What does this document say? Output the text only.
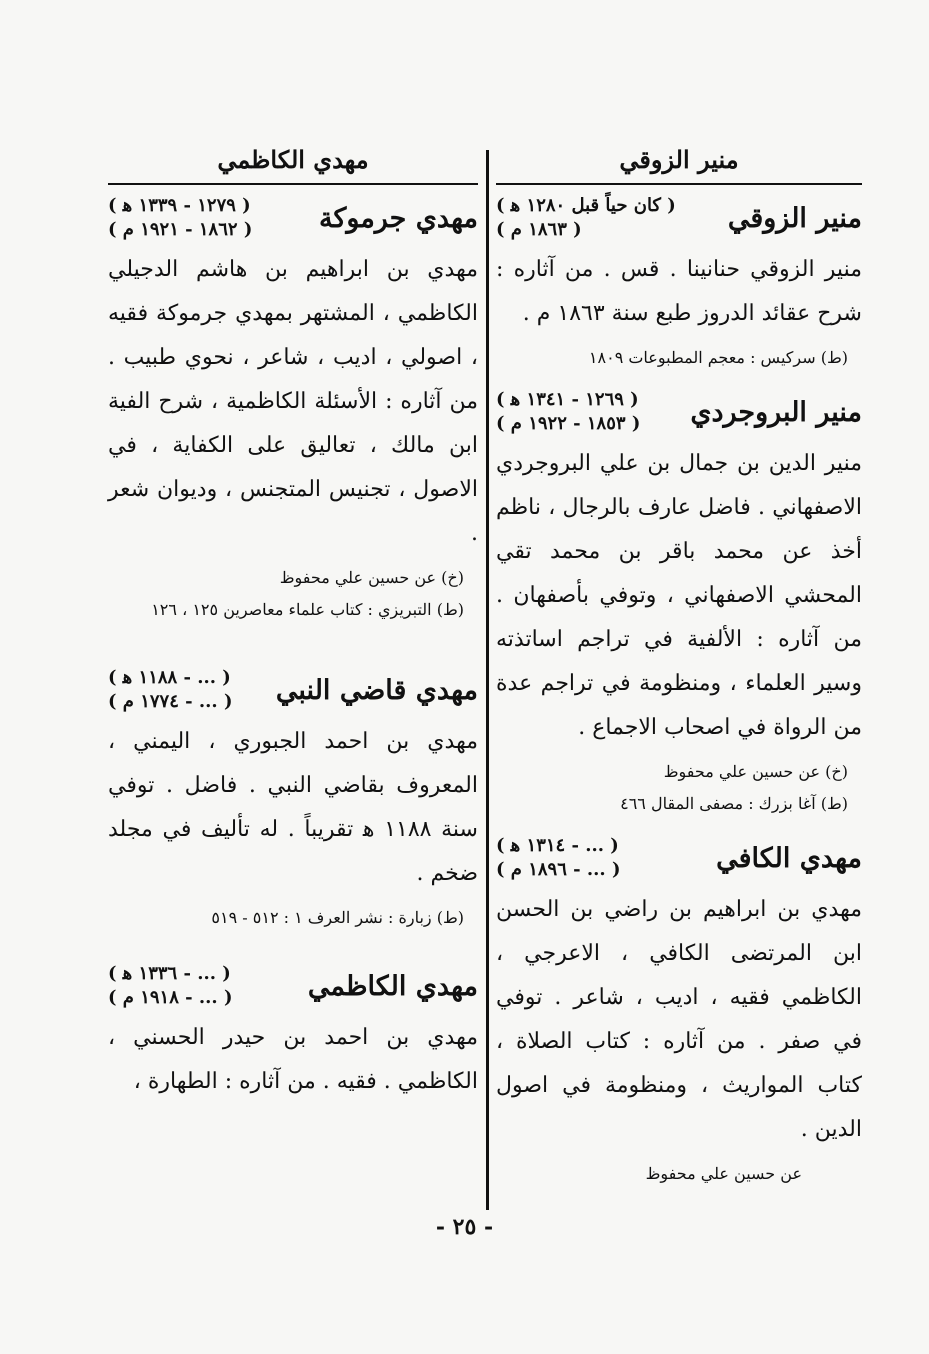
منير الزوقي
منير الزوقي
( كان حياً قبل ١٢٨٠ ﻫ )
( ١٨٦٣ م )

منير الزوقي حنانينا . قس . من آثاره : شرح عقائد الدروز طبع سنة ١٨٦٣ م .

(ط) سركيس : معجم المطبوعات ١٨٠٩
منير البروجردي
( ١٢٦٩ - ١٣٤١ ﻫ )
( ١٨٥٣ - ١٩٢٢ م )

منير الدين بن جمال بن علي البروجردي الاصفهاني . فاضل عارف بالرجال ، ناظم أخذ عن محمد باقر بن محمد تقي المحشي الاصفهاني ، وتوفي بأصفهان . من آثاره : الألفية في تراجم اساتذته وسير العلماء ، ومنظومة في تراجم عدة من الرواة في اصحاب الاجماع .

(خ) عن حسين علي محفوظ
(ط) آغا بزرك : مصفى المقال ٤٦٦
مهدي الكافي
( ... - ١٣١٤ ﻫ )
( ... - ١٨٩٦ م )

مهدي بن ابراهيم بن راضي بن الحسن ابن المرتضى الكافي ، الاعرجي ، الكاظمي فقيه ، اديب ، شاعر . توفي في صفر . من آثاره : كتاب الصلاة ، كتاب المواريث ، ومنظومة في اصول الدين .

عن حسين علي محفوظ
مهدي الكاظمي
مهدي جرموكة
( ١٢٧٩ - ١٣٣٩ ﻫ )
( ١٨٦٢ - ١٩٢١ م )

مهدي بن ابراهيم بن هاشم الدجيلي الكاظمي ، المشتهر بمهدي جرموكة فقيه ، اصولي ، اديب ، شاعر ، نحوي طبيب . من آثاره : الأسئلة الكاظمية ، شرح الفية ابن مالك ، تعاليق على الكفاية ، في الاصول ، تجنيس المتجنس ، وديوان شعر .

(خ) عن حسين علي محفوظ
(ط) التبريزي : كتاب علماء معاصرين ١٢٥ ، ١٢٦
مهدي قاضي النبي
( ... - ١١٨٨ ﻫ )
( ... - ١٧٧٤ م )

مهدي بن احمد الجبوري ، اليمني ، المعروف بقاضي النبي . فاضل . توفي سنة ١١٨٨ ﻫ تقريباً . له تأليف في مجلد ضخم .

(ط) زبارة : نشر العرف ١ : ٥١٢ - ٥١٩
مهدي الكاظمي
( ... - ١٣٣٦ ﻫ )
( ... - ١٩١٨ م )

مهدي بن احمد بن حيدر الحسني ، الكاظمي . فقيه . من آثاره : الطهارة ،

- ٢٥ -
